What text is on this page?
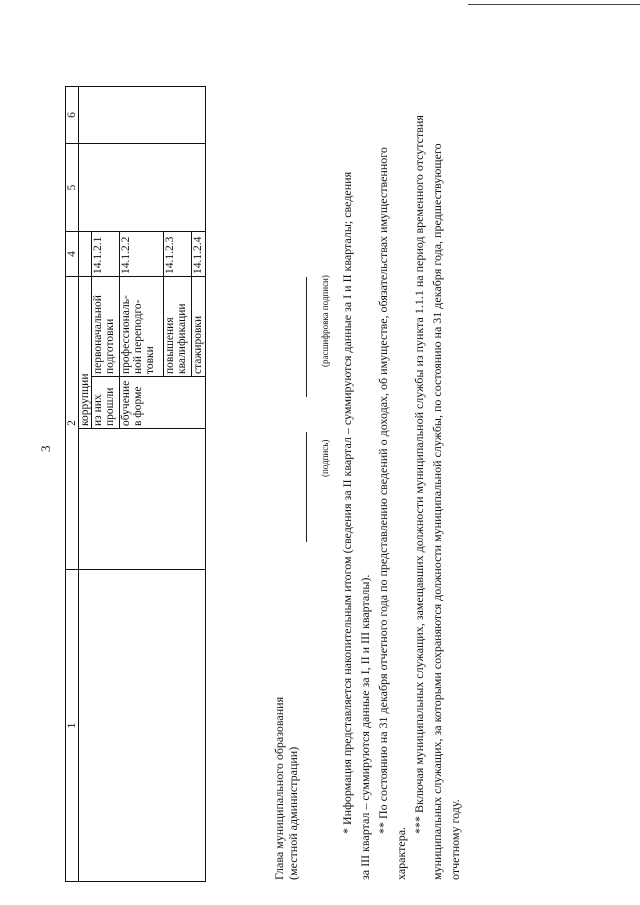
3
1	2			4	5	6
		коррупции				
		из них прошли	первоначальной подготовки	14.1.2.1		
		обучение в форме	профессиональ-ной переподго-товки	14.1.2.2		
			повышения квалификации	14.1.2.3		
			стажировки	14.1.2.4		
Глава муниципального образования (местной администрации)
(подпись)
(расшифровка подписи) * Информация представляется накопительным итогом (сведения за II квартал – суммируются данные за I и II кварталы; сведения за III квартал – суммируются данные за I, II и III кварталы). ** По состоянию на 31 декабря отчетного года по представлению сведений о доходах, об имуществе, обязательствах имущественного

характера.

*** Включая муниципальных служащих, замещавших должности муниципальной службы из пункта 1.1.1 на период временного отсутствия муниципальных служащих, за которыми сохраняются должности муниципальной службы, по состоянию на 31 декабря года, предшествующего отчетному году.
